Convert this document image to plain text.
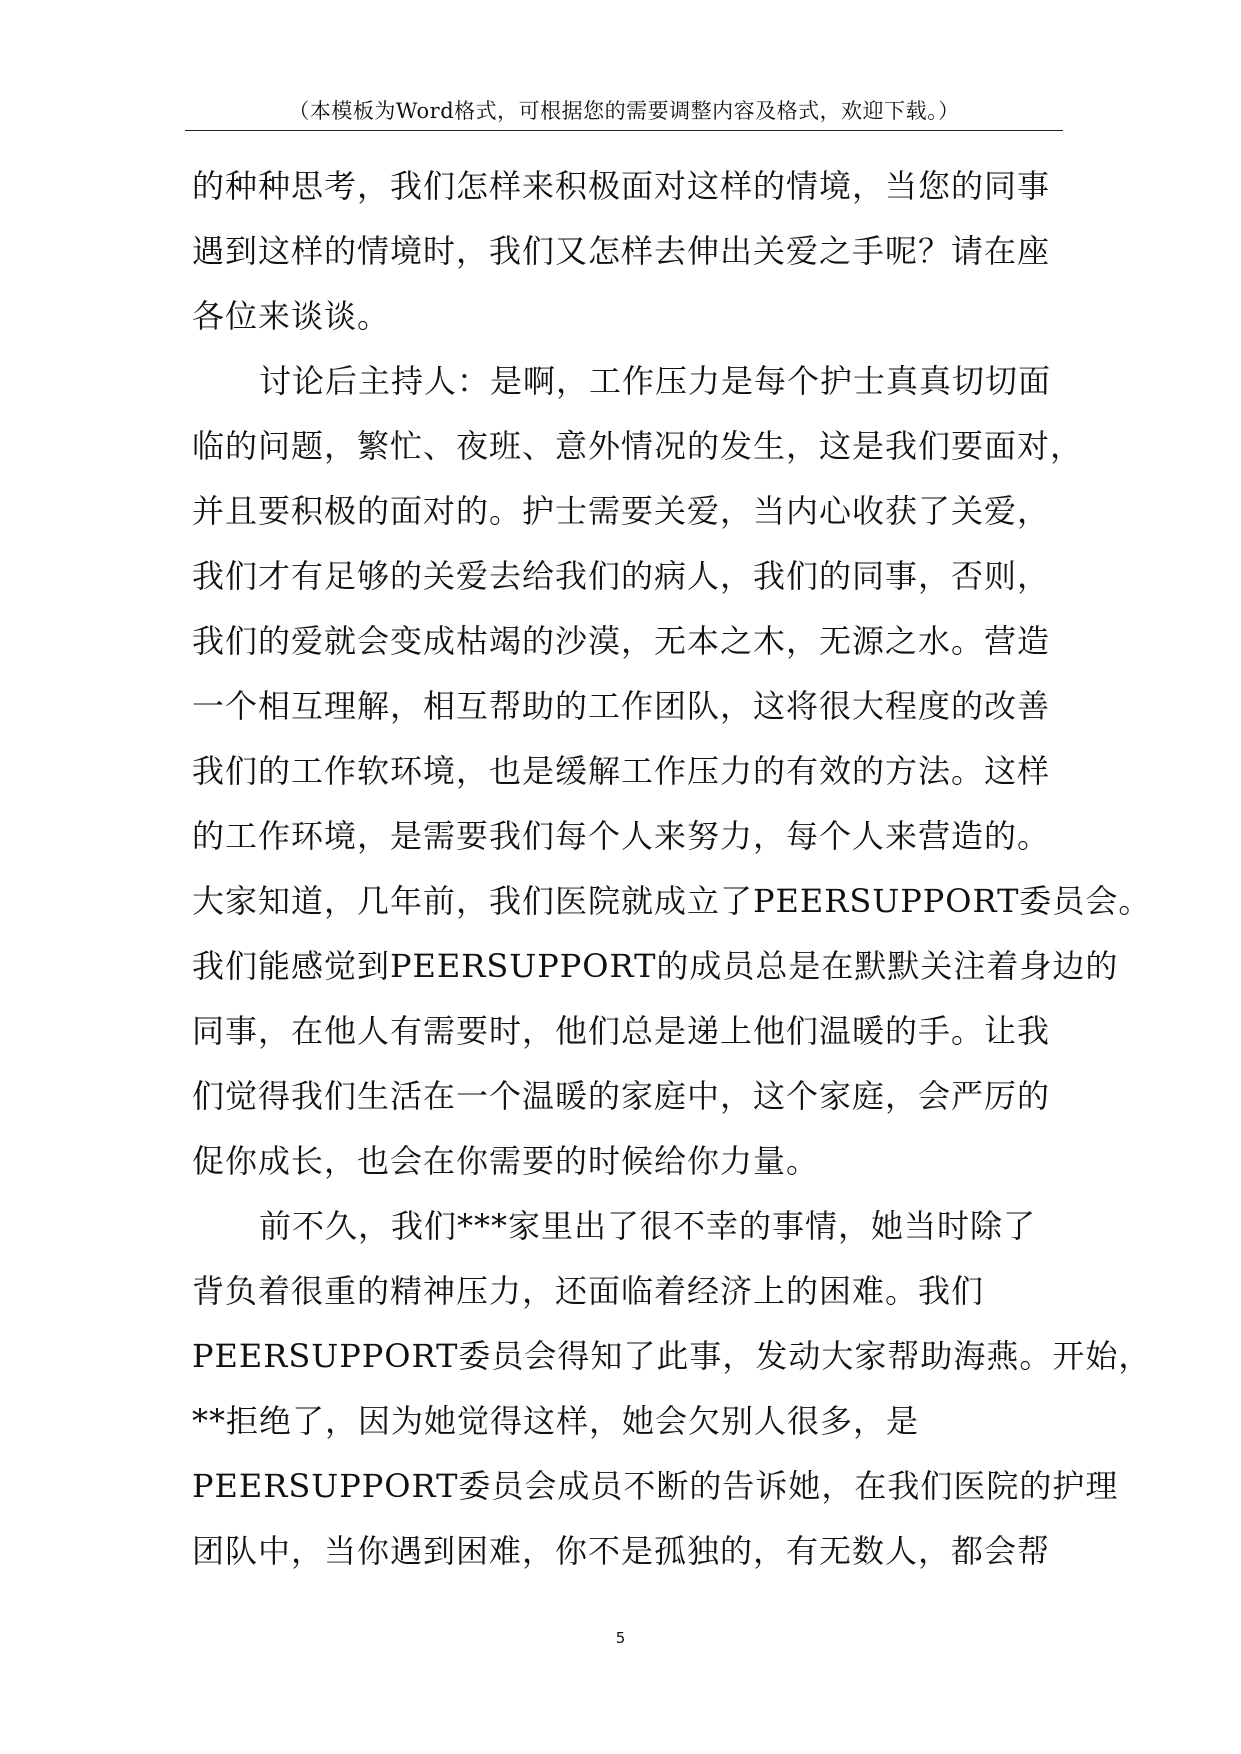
（本模板为Word格式，可根据您的需要调整内容及格式，欢迎下载。）
的种种思考，我们怎样来积极面对这样的情境，当您的同事
遇到这样的情境时，我们又怎样去伸出关爱之手呢？请在座
各位来谈谈。
讨论后主持人：是啊，工作压力是每个护士真真切切面
临的问题，繁忙、夜班、意外情况的发生，这是我们要面对，
并且要积极的面对的。护士需要关爱，当内心收获了关爱，
我们才有足够的关爱去给我们的病人，我们的同事，否则，
我们的爱就会变成枯竭的沙漠，无本之木，无源之水。营造
一个相互理解，相互帮助的工作团队，这将很大程度的改善
我们的工作软环境，也是缓解工作压力的有效的方法。这样
的工作环境，是需要我们每个人来努力，每个人来营造的。
大家知道，几年前，我们医院就成立了PEERSUPPORT委员会。
我们能感觉到PEERSUPPORT的成员总是在默默关注着身边的
同事，在他人有需要时，他们总是递上他们温暖的手。让我
们觉得我们生活在一个温暖的家庭中，这个家庭，会严厉的
促你成长，也会在你需要的时候给你力量。
前不久，我们***家里出了很不幸的事情，她当时除了
背负着很重的精神压力，还面临着经济上的困难。我们
PEERSUPPORT委员会得知了此事，发动大家帮助海燕。开始，
**拒绝了，因为她觉得这样，她会欠别人很多，是
PEERSUPPORT委员会成员不断的告诉她，在我们医院的护理
团队中，当你遇到困难，你不是孤独的，有无数人，都会帮
5
